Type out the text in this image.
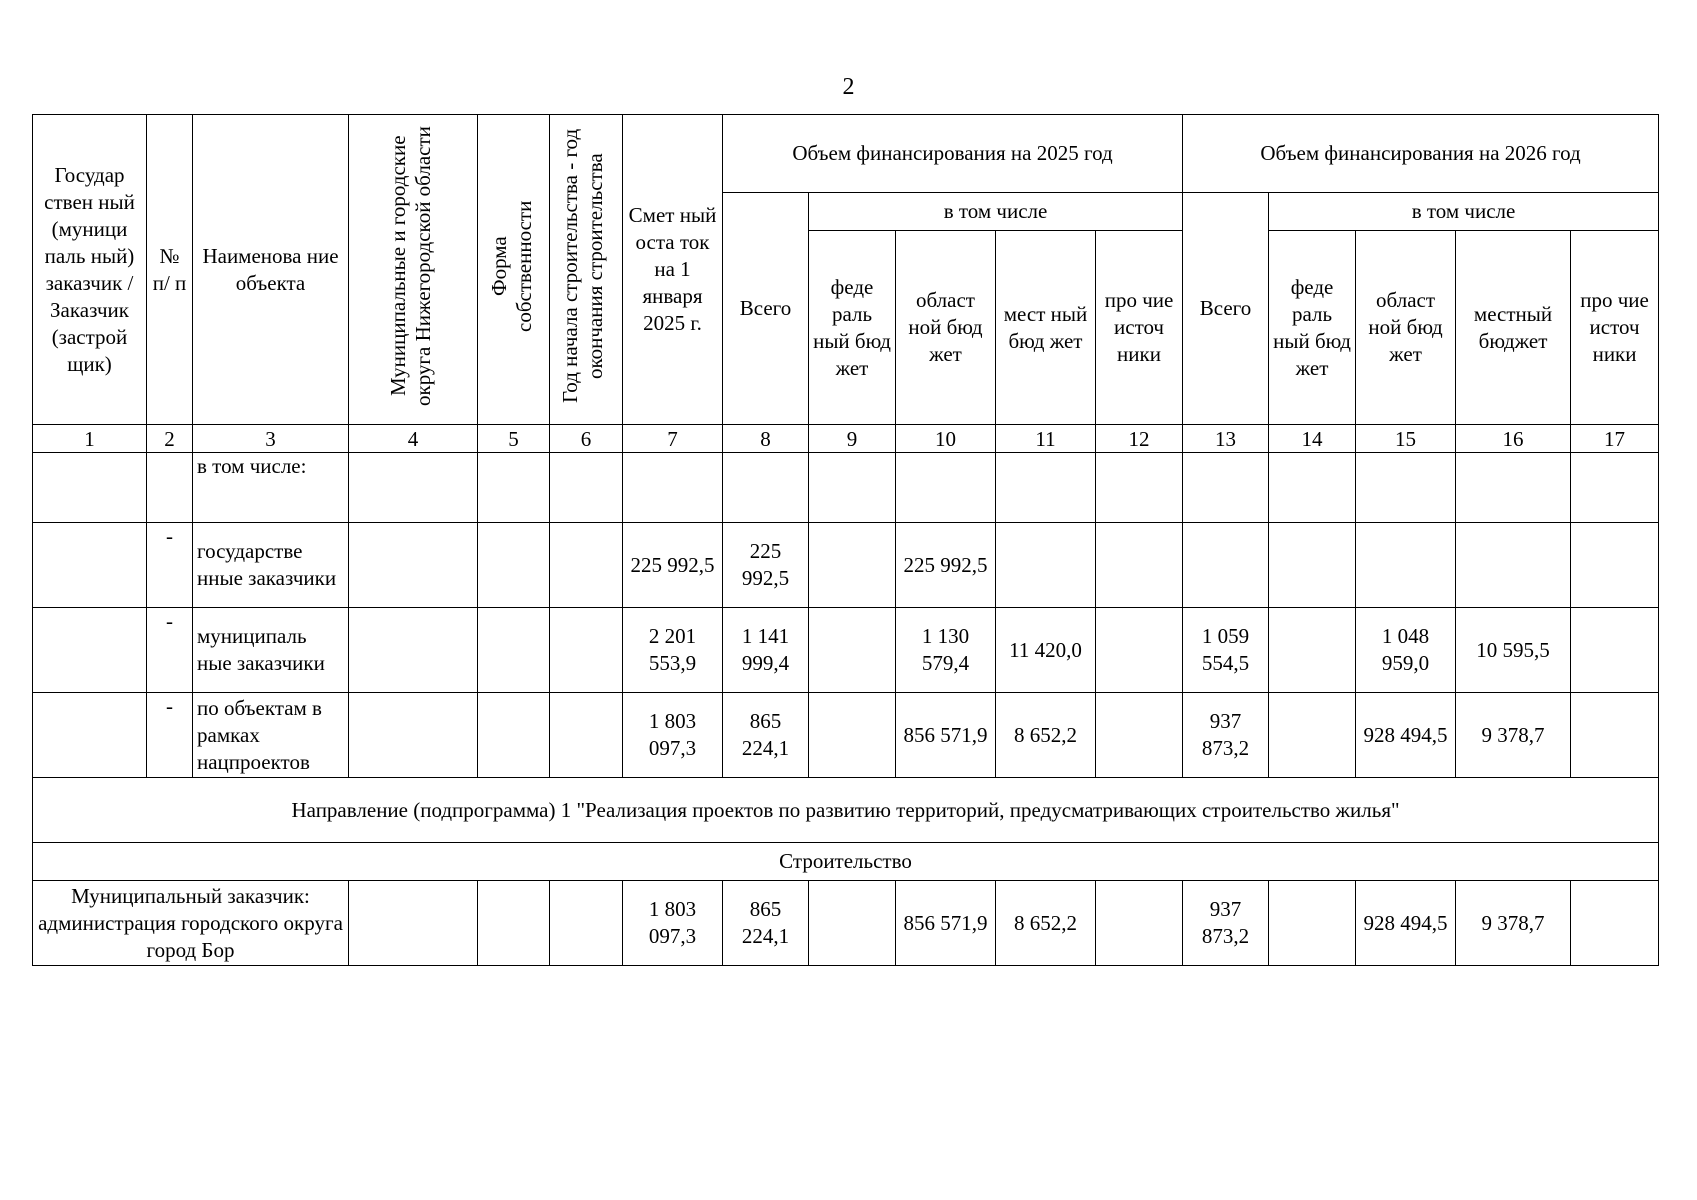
2
Государ ствен ный (муници паль ный) заказчик / Заказчик (застрой щик)	№ п/ п	Наименова ние объекта	Муниципальные и городские округа Нижегородской области	Форма собственности	Год начала строительства - год окончания строительства	Смет ный оста ток на 1 января 2025 г.	Объем финансирования на 2025 год					Объем финансирования на 2026 год				
							Всего	в том числе				Всего	в том числе			
								феде раль ный бюд жет	област ной бюд жет	мест ный бюд жет	про чие источ ники		феде раль ный бюд жет	област ной бюд жет	местный бюджет	про чие источ ники
1	2	3	4	5	6	7	8	9	10	11	12	13	14	15	16	17
		в том числе:														
	-	государстве нные заказчики				225 992,5	225 992,5		225 992,5							
	-	муниципаль ные заказчики				2 201 553,9	1 141 999,4		1 130 579,4	11 420,0		1 059 554,5		1 048 959,0	10 595,5	
	-	по объектам в рамках нацпроектов				1 803 097,3	865 224,1		856 571,9	8 652,2		937 873,2		928 494,5	9 378,7	
Направление (подпрограмма) 1 "Реализация проектов по развитию территорий, предусматривающих строительство жилья"																
Строительство																
Муниципальный заказчик: администрация городского округа город Бор						1 803 097,3	865 224,1		856 571,9	8 652,2		937 873,2		928 494,5	9 378,7	
